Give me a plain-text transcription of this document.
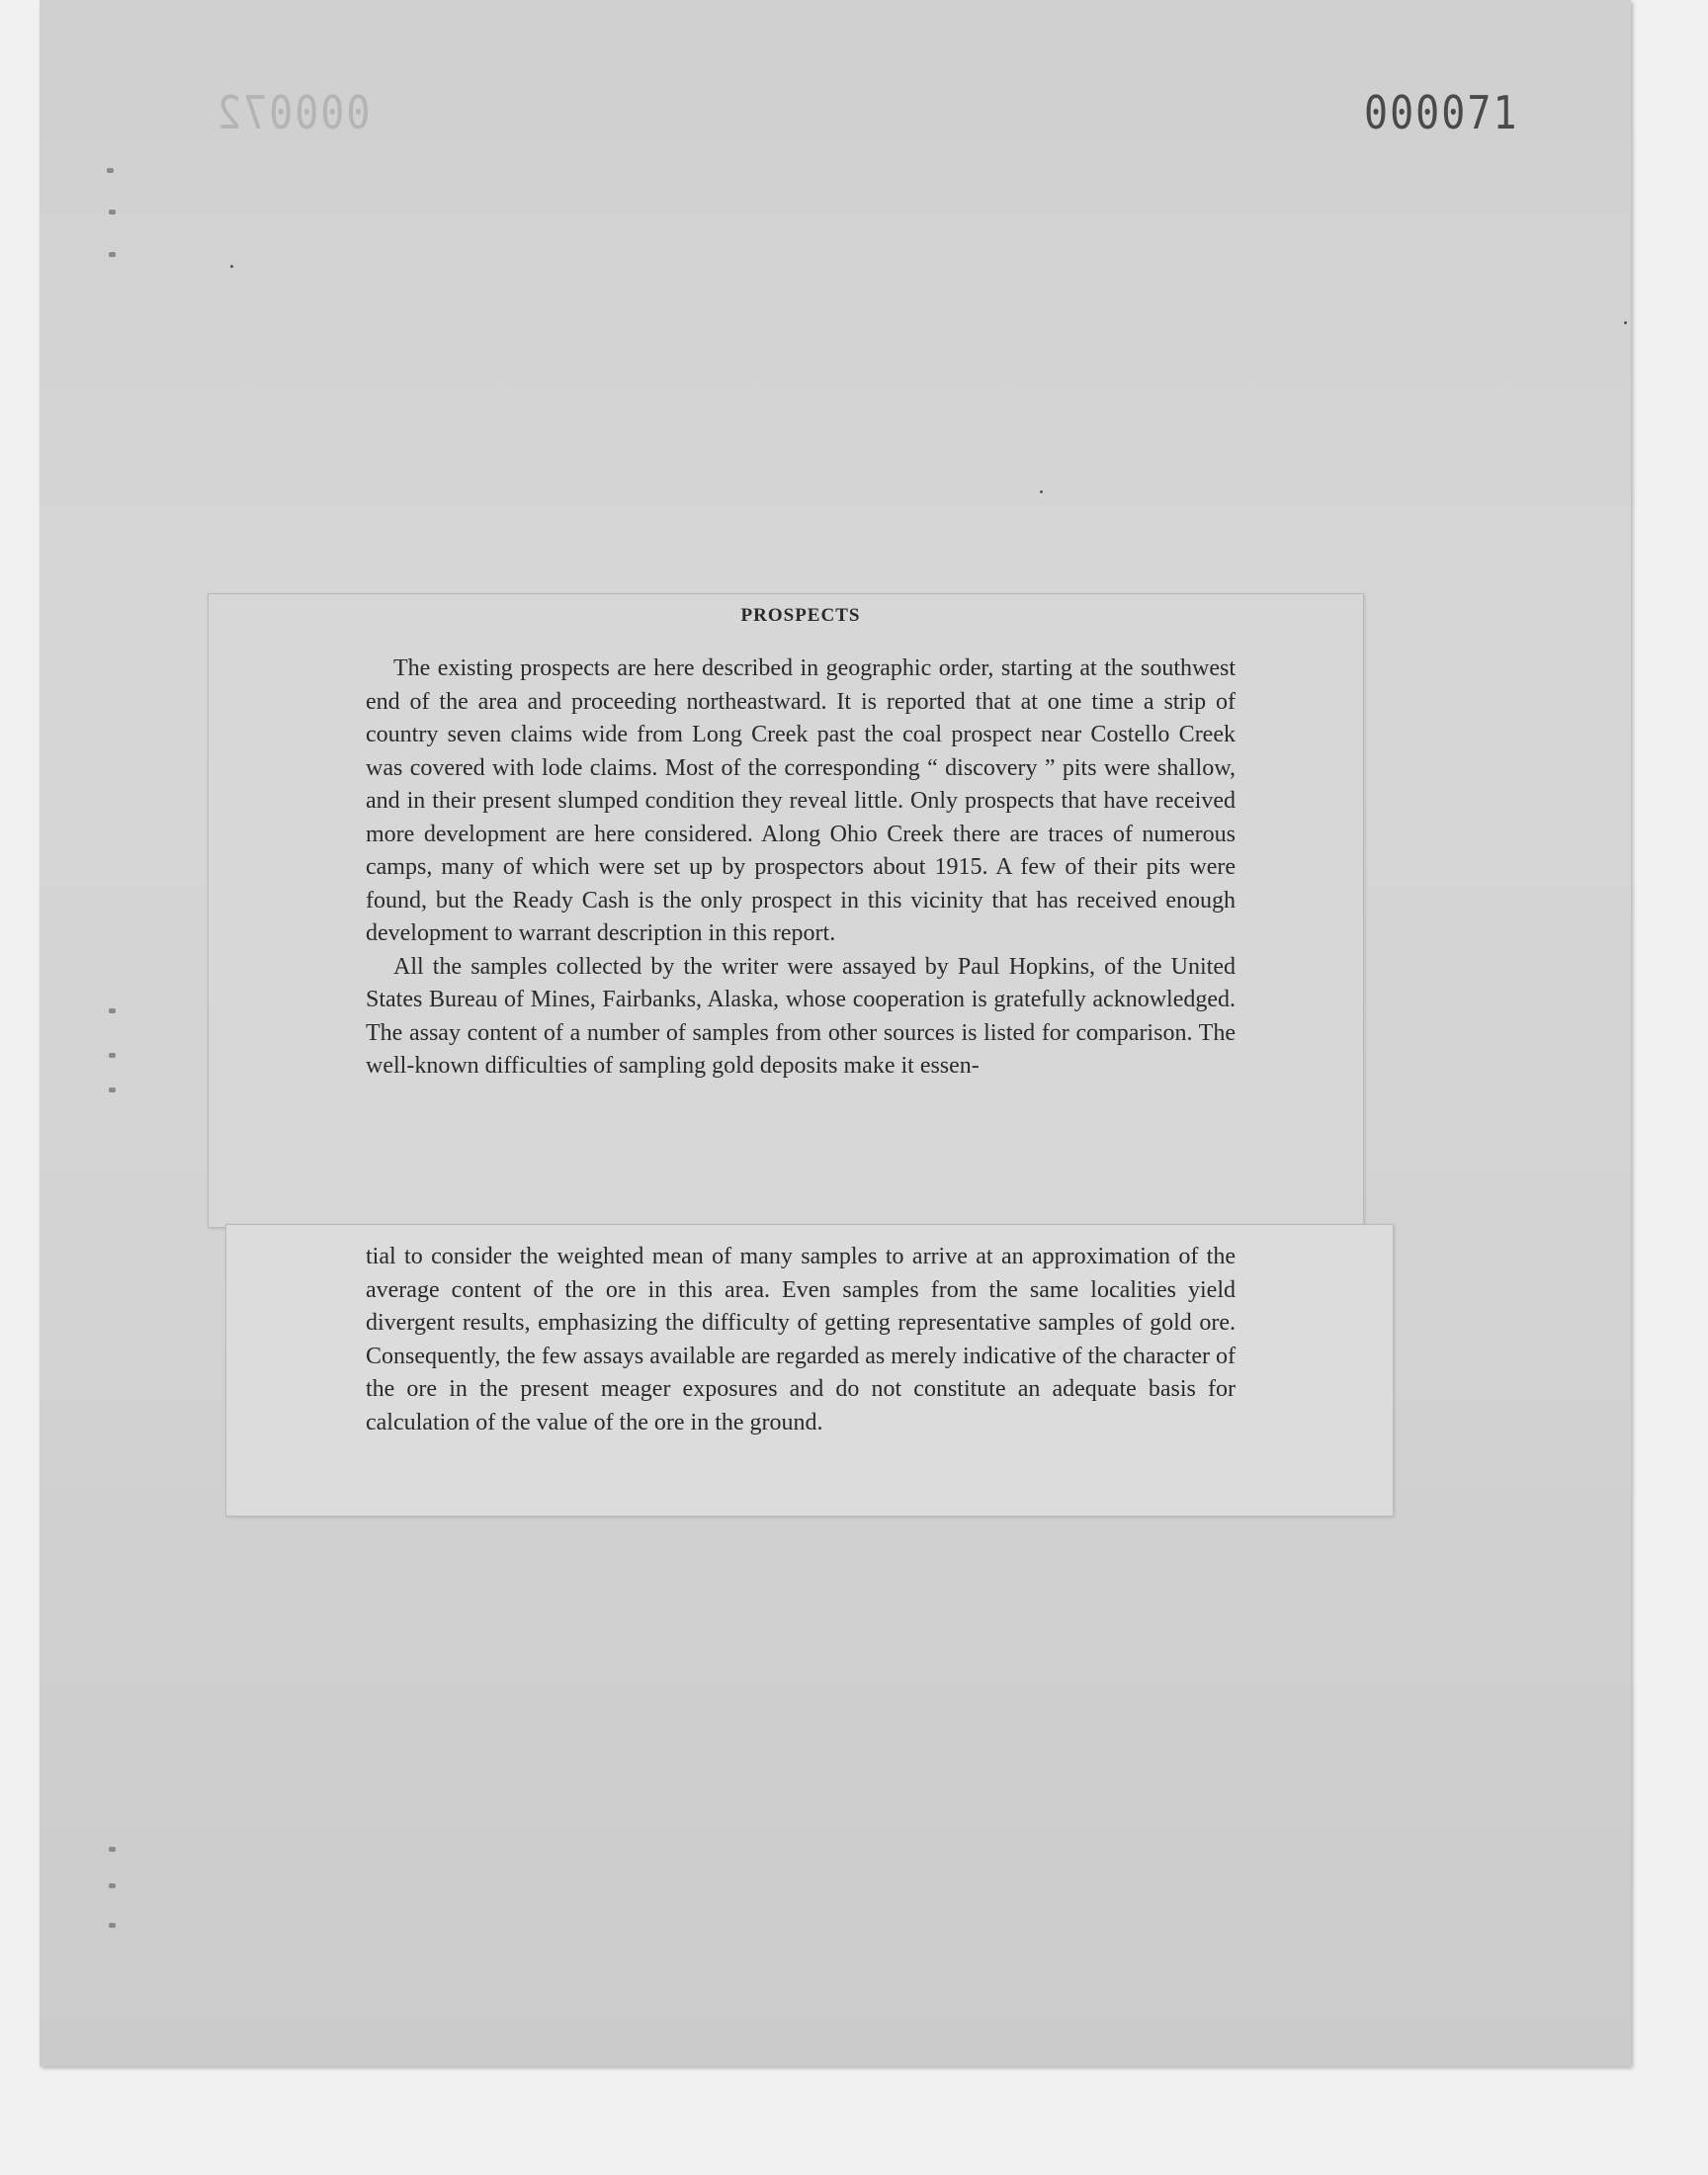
000072	000071
PROSPECTS

The existing prospects are here described in geographic order, starting at the southwest end of the area and proceeding northeastward. It is reported that at one time a strip of country seven claims wide from Long Creek past the coal prospect near Costello Creek was covered with lode claims. Most of the corresponding “ discovery ” pits were shallow, and in their present slumped condition they reveal little. Only prospects that have received more development are here considered. Along Ohio Creek there are traces of numerous camps, many of which were set up by prospectors about 1915. A few of their pits were found, but the Ready Cash is the only prospect in this vicinity that has received enough development to warrant description in this report.

All the samples collected by the writer were assayed by Paul Hopkins, of the United States Bureau of Mines, Fairbanks, Alaska, whose cooperation is gratefully acknowledged. The assay content of a number of samples from other sources is listed for comparison. The well-known difficulties of sampling gold deposits make it essen-

tial to consider the weighted mean of many samples to arrive at an approximation of the average content of the ore in this area. Even samples from the same localities yield divergent results, emphasizing the difficulty of getting representative samples of gold ore. Consequently, the few assays available are regarded as merely indicative of the character of the ore in the present meager exposures and do not constitute an adequate basis for calculation of the value of the ore in the ground.
